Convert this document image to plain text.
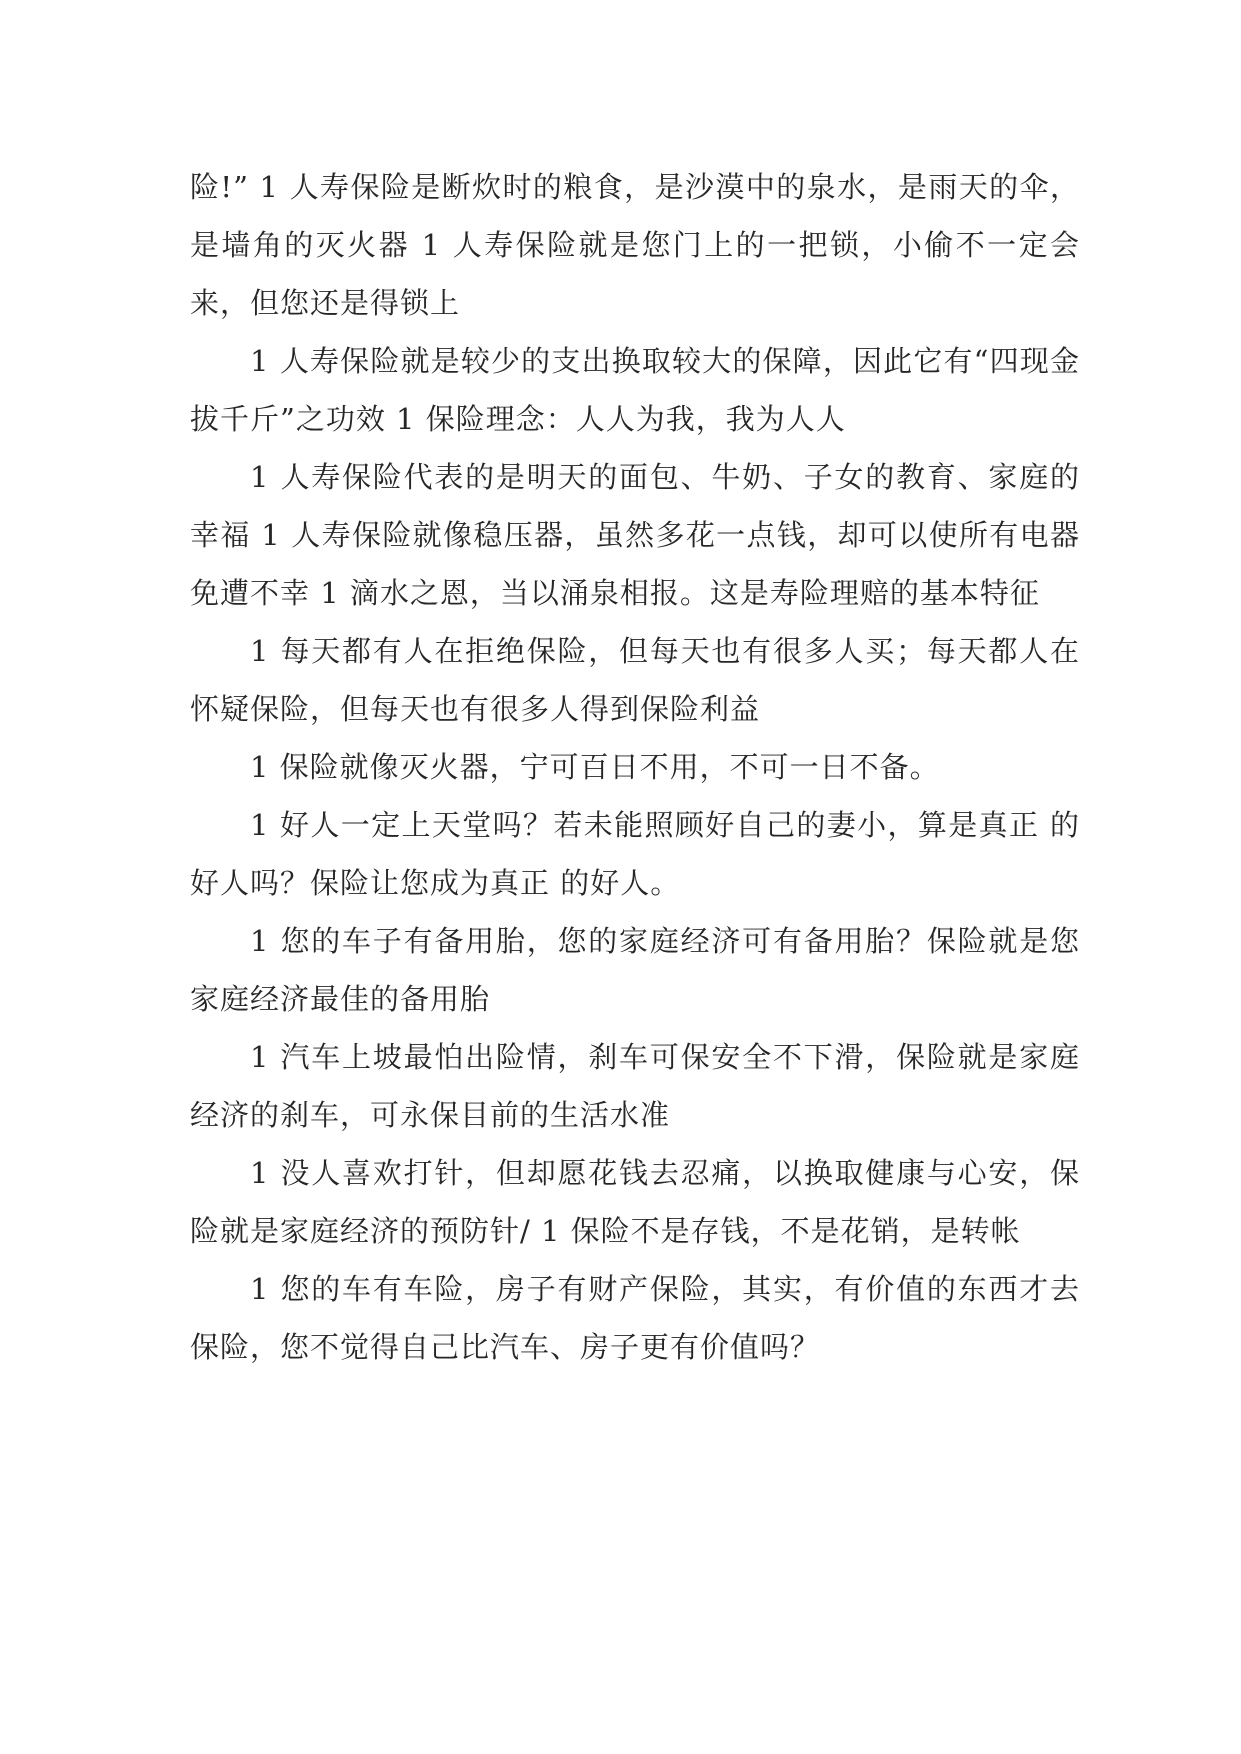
险!” 1 人寿保险是断炊时的粮食，是沙漠中的泉水，是雨天的伞，是墙角的灭火器 1 人寿保险就是您门上的一把锁，小偷不一定会来，但您还是得锁上

1 人寿保险就是较少的支出换取较大的保障，因此它有“四现金拔千斤”之功效 1 保险理念：人人为我，我为人人

1 人寿保险代表的是明天的面包、牛奶、子女的教育、家庭的幸福 1 人寿保险就像稳压器，虽然多花一点钱，却可以使所有电器免遭不幸 1 滴水之恩，当以涌泉相报。这是寿险理赔的基本特征

1 每天都有人在拒绝保险，但每天也有很多人买；每天都人在怀疑保险，但每天也有很多人得到保险利益

1 保险就像灭火器，宁可百日不用，不可一日不备。

1 好人一定上天堂吗？若未能照顾好自己的妻小，算是真正 的好人吗？保险让您成为真正 的好人。

1 您的车子有备用胎，您的家庭经济可有备用胎？保险就是您家庭经济最佳的备用胎

1 汽车上坡最怕出险情，刹车可保安全不下滑，保险就是家庭经济的刹车，可永保目前的生活水准

1 没人喜欢打针，但却愿花钱去忍痛，以换取健康与心安，保险就是家庭经济的预防针/ 1 保险不是存钱，不是花销，是转帐

1 您的车有车险，房子有财产保险，其实，有价值的东西才去保险，您不觉得自己比汽车、房子更有价值吗？
